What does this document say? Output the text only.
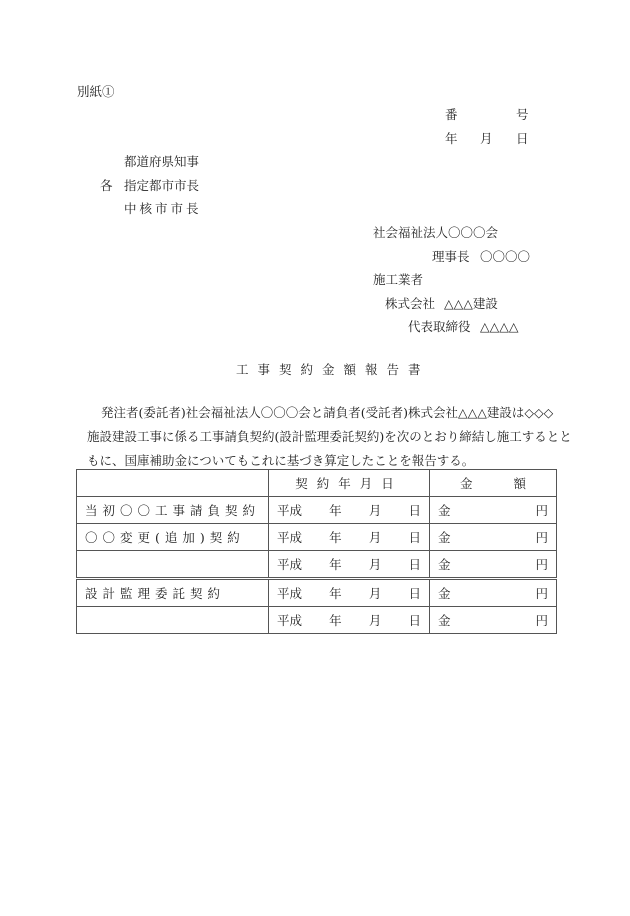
別紙①
番	号
年 月 日
都道府県知事
各 指定都市市長
中核市市長
社会福祉法人〇〇〇会
理事長 〇〇〇〇
施工業者
株式会社 △△△建設
代表取締役 △△△△
工事契約金額報告書
発注者(委託者)社会福祉法人〇〇〇会と請負者(受託者)株式会社△△△建設は◇◇◇
施設建設工事に係る工事請負契約(設計監理委託契約)を次のとおり締結し施工するとと
もに、国庫補助金についてもこれに基づき算定したことを報告する。
	契約年月日	金 額

当初〇〇工事請負契約	平成 年 月 日	金 円

〇〇変更(追加)契約	平成 年 月 日	金 円

	平成 年 月 日	金 円

設計監理委託契約	平成 年 月 日	金 円

	平成 年 月 日	金 円
